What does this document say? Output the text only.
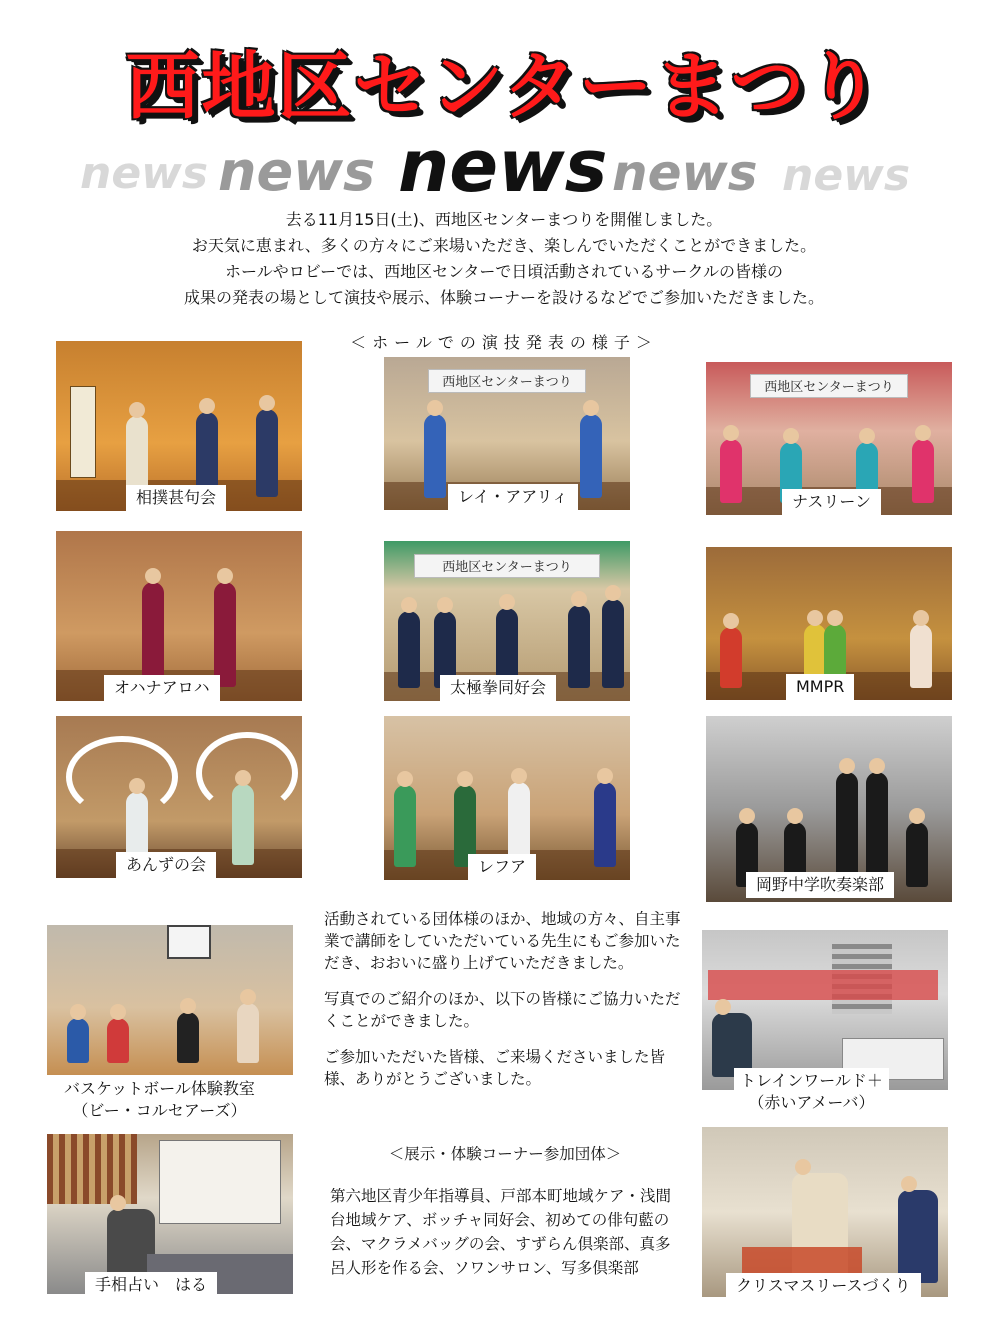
西地区センターまつり
news news news news news
去る11月15日(土)、西地区センターまつりを開催しました。
お天気に恵まれ、多くの方々にご来場いただき、楽しんでいただくことができました。
ホールやロビーでは、西地区センターで日頃活動されているサークルの皆様の
成果の発表の場として演技や展示、体験コーナーを設けるなどでご参加いただきました。
＜ホールでの演技発表の様子＞
相撲甚句会
西地区センターまつり
レイ・アアリィ
西地区センターまつり
ナスリーン
オハナアロハ
西地区センターまつり
太極拳同好会	MMPR
あんずの会	レフア
岡野中学吹奏楽部
バスケットボール体験教室
（ビー・コルセアーズ）
手相占い　はる

活動されている団体様のほか、地域の方々、自主事業で講師をしていただいている先生にもご参加いただき、おおいに盛り上げていただきました。

写真でのご紹介のほか、以下の皆様にご協力いただくことができました。

ご参加いただいた皆様、ご来場くださいました皆様、ありがとうございました。

＜展示・体験コーナー参加団体＞
第六地区青少年指導員、戸部本町地域ケア・浅間台地域ケア、ボッチャ同好会、初めての俳句藍の会、マクラメバッグの会、すずらん倶楽部、真多呂人形を作る会、ソワンサロン、写多倶楽部
トレインワールド＋
（赤いアメーバ）
クリスマスリースづくり
